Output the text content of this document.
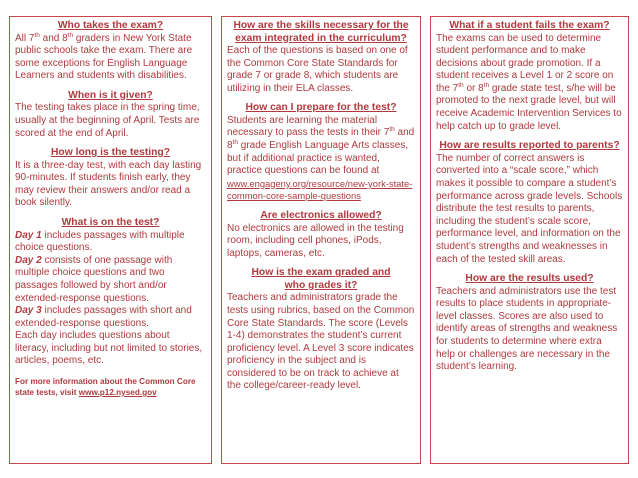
Who takes the exam?

All 7th and 8th graders in New York State public schools take the exam. There are some exceptions for English Language Learners and students with disabilities.

When is it given?

The testing takes place in the spring time, usually at the beginning of April. Tests are scored at the end of April.

How long is the testing?

It is a three-day test, with each day lasting 90-minutes. If students finish early, they may review their answers and/or read a book silently.

What is on the test?

Day 1 includes passages with multiple choice questions.

Day 2 consists of one passage with multiple choice questions and two passages followed by short and/or extended-response questions.

Day 3 includes passages with short and extended-response questions.

Each day includes questions about literacy, including but not limited to stories, articles, poems, etc.

For more information about the Common Core state tests, visit www.p12.nysed.gov

How are the skills necessary for the

exam integrated in the curriculum?

Each of the questions is based on one of the Common Core State Standards for grade 7 or grade 8, which students are utilizing in their ELA classes.

How can I prepare for the test?

Students are learning the material necessary to pass the tests in their 7th and 8th grade English Language Arts classes, but if additional practice is wanted, practice questions can be found at

www.engageny.org/resource/new-york-state-common-core-sample-questions

Are electronics allowed?

No electronics are allowed in the testing room, including cell phones, iPods, laptops, cameras, etc.

How is the exam graded and

who grades it?

Teachers and administrators grade the tests using rubrics, based on the Common Core State Standards. The score (Levels 1-4) demonstrates the student’s current proficiency level. A Level 3 score indicates proficiency in the subject and is considered to be on track to achieve at the college/career-ready level.

What if a student fails the exam?

The exams can be used to determine student performance and to make decisions about grade promotion. If a student receives a Level 1 or 2 score on the 7th or 8th grade state test, s/he will be promoted to the next grade level, but will receive Academic Intervention Services to help catch up to grade level.

How are results reported to parents?

The number of correct answers is converted into a “scale score,” which makes it possible to compare a student’s performance across grade levels. Schools distribute the test results to parents, including the student’s scale score, performance level, and information on the student’s strengths and weaknesses in each of the tested skill areas.

How are the results used?

Teachers and administrators use the test results to place students in appropriate-level classes. Scores are also used to identify areas of strengths and weakness for students to determine where extra help or challenges are necessary in the student’s learning.
